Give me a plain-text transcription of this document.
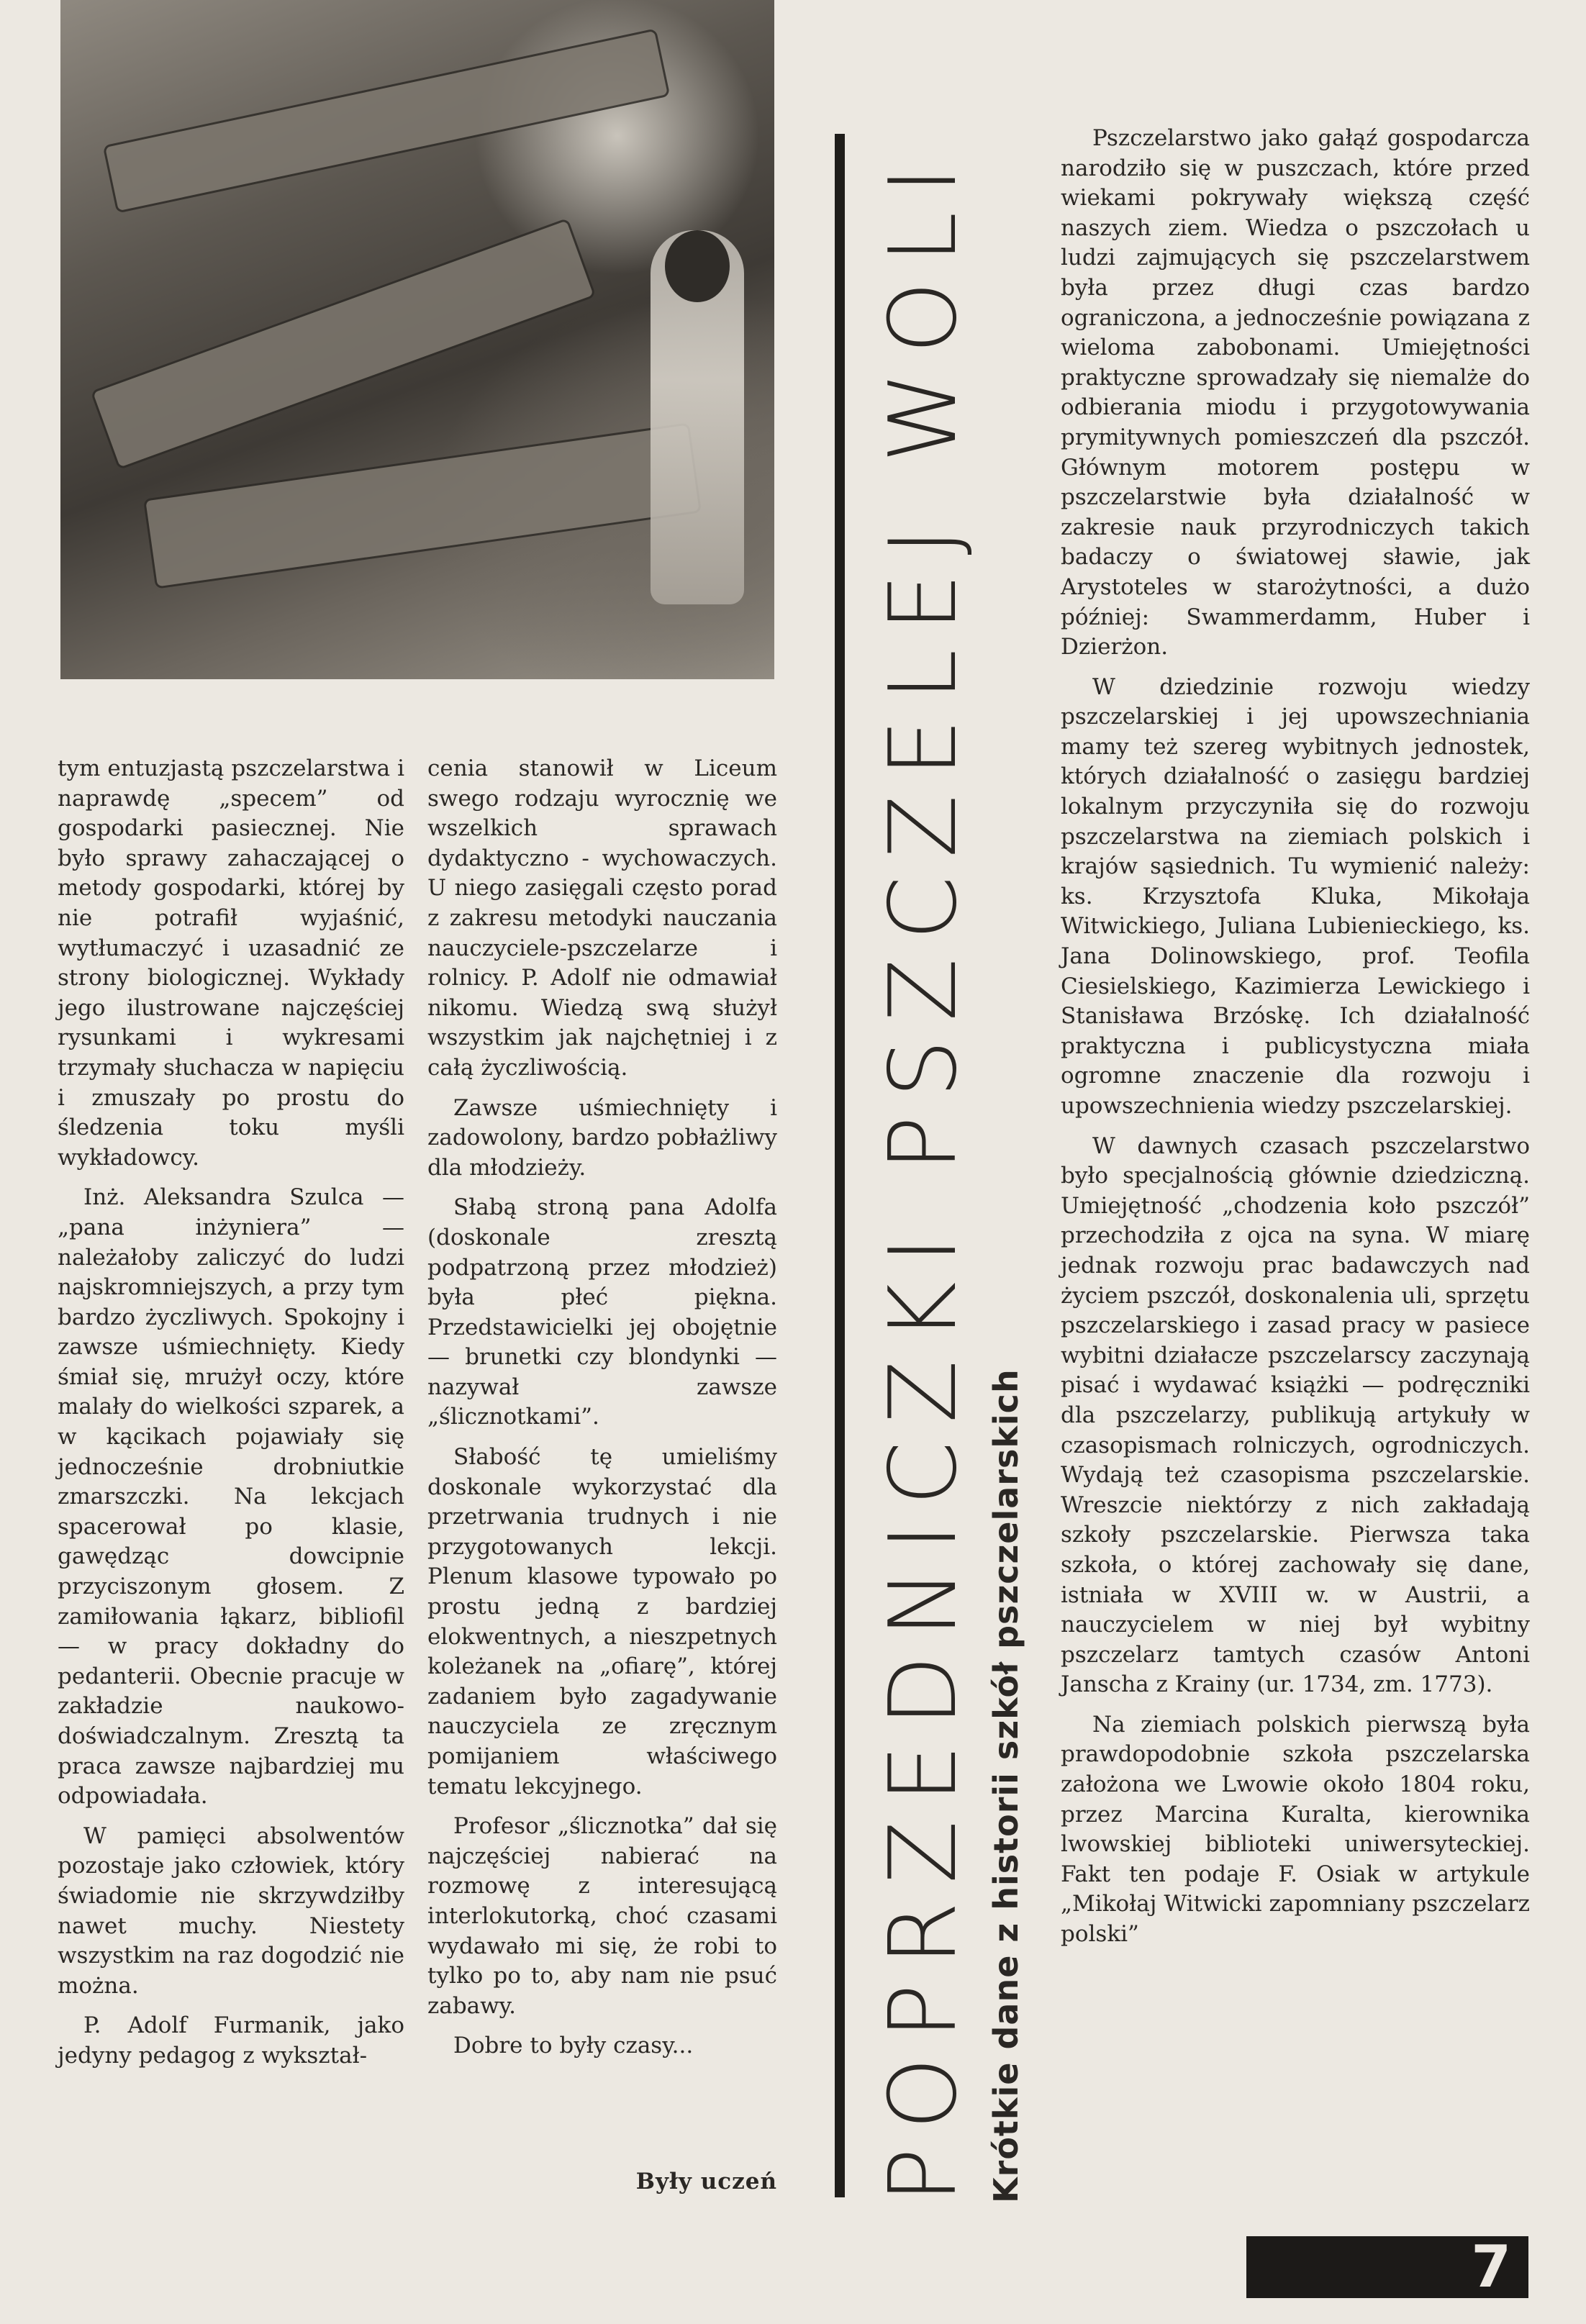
tym entuzjastą pszczelarstwa i naprawdę „specem” od gospodarki pasiecznej. Nie było sprawy zahaczającej o metody gospodarki, której by nie potrafił wyjaśnić, wytłumaczyć i uzasadnić ze strony biologicznej. Wykłady jego ilustrowane najczęściej rysunkami i wykresami trzymały słuchacza w napięciu i zmuszały po prostu do śledzenia toku myśli wykładowcy.

Inż. Aleksandra Szulca — „pana inżyniera” — należałoby zaliczyć do ludzi najskromniejszych, a przy tym bardzo życzliwych. Spokojny i zawsze uśmiechnięty. Kiedy śmiał się, mrużył oczy, które malały do wielkości szparek, a w kącikach pojawiały się jednocześnie drobniutkie zmarszczki. Na lekcjach spacerował po klasie, gawędząc dowcipnie przyciszonym głosem. Z zamiłowania łąkarz, bibliofil — w pracy dokładny do pedanterii. Obecnie pracuje w zakładzie naukowo-doświadczalnym. Zresztą ta praca zawsze najbardziej mu odpowiadała.

W pamięci absolwentów pozostaje jako człowiek, który świadomie nie skrzywdziłby nawet muchy. Niestety wszystkim na raz dogodzić nie można.

P. Adolf Furmanik, jako jedyny pedagog z wykształ-

cenia stanowił w Liceum swego rodzaju wyrocznię we wszelkich sprawach dydaktyczno - wychowaczych. U niego zasięgali często porad z zakresu metodyki nauczania nauczyciele-pszczelarze i rolnicy. P. Adolf nie odmawiał nikomu. Wiedzą swą służył wszystkim jak najchętniej i z całą życzliwością.

Zawsze uśmiechnięty i zadowolony, bardzo pobłażliwy dla młodzieży.

Słabą stroną pana Adolfa (doskonale zresztą podpatrzoną przez młodzież) była płeć piękna. Przedstawicielki jej obojętnie — brunetki czy blondynki — nazywał zawsze „ślicznotkami”.

Słabość tę umieliśmy doskonale wykorzystać dla przetrwania trudnych i nie przygotowanych lekcji. Plenum klasowe typowało po prostu jedną z bardziej elokwentnych, a nieszpetnych koleżanek na „ofiarę”, której zadaniem było zagadywanie nauczyciela ze zręcznym pomijaniem właściwego tematu lekcyjnego.

Profesor „ślicznotka” dał się najczęściej nabierać na rozmowę z interesującą interlokutorką, choć czasami wydawało mi się, że robi to tylko po to, aby nam nie psuć zabawy.

Dobre to były czasy...

Były uczeń POPRZEDNICZKI PSZCZELEJ WOLI Krótkie dane z historii szkół pszczelarskich

Pszczelarstwo jako gałąź gospodarcza narodziło się w puszczach, które przed wiekami pokrywały większą część naszych ziem. Wiedza o pszczołach u ludzi zajmujących się pszczelarstwem była przez długi czas bardzo ograniczona, a jednocześnie powiązana z wieloma zabobonami. Umiejętności praktyczne sprowadzały się niemalże do odbierania miodu i przygotowywania prymitywnych pomieszczeń dla pszczół. Głównym motorem postępu w pszczelarstwie była działalność w zakresie nauk przyrodniczych takich badaczy o światowej sławie, jak Arystoteles w starożytności, a dużo później: Swammerdamm, Huber i Dzierżon.

W dziedzinie rozwoju wiedzy pszczelarskiej i jej upowszechniania mamy też szereg wybitnych jednostek, których działalność o zasięgu bardziej lokalnym przyczyniła się do rozwoju pszczelarstwa na ziemiach polskich i krajów sąsiednich. Tu wymienić należy: ks. Krzysztofa Kluka, Mikołaja Witwickiego, Juliana Lubienieckiego, ks. Jana Dolinowskiego, prof. Teofila Ciesielskiego, Kazimierza Lewickiego i Stanisława Brzóskę. Ich działalność praktyczna i publicystyczna miała ogromne znaczenie dla rozwoju i upowszechnienia wiedzy pszczelarskiej.

W dawnych czasach pszczelarstwo było specjalnością głównie dziedziczną. Umiejętność „chodzenia koło pszczół” przechodziła z ojca na syna. W miarę jednak rozwoju prac badawczych nad życiem pszczół, doskonalenia uli, sprzętu pszczelarskiego i zasad pracy w pasiece wybitni działacze pszczelarscy zaczynają pisać i wydawać książki — podręczniki dla pszczelarzy, publikują artykuły w czasopismach rolniczych, ogrodniczych. Wydają też czasopisma pszczelarskie. Wreszcie niektórzy z nich zakładają szkoły pszczelarskie. Pierwsza taka szkoła, o której zachowały się dane, istniała w XVIII w. w Austrii, a nauczycielem w niej był wybitny pszczelarz tamtych czasów Antoni Janscha z Krainy (ur. 1734, zm. 1773).

Na ziemiach polskich pierwszą była prawdopodobnie szkoła pszczelarska założona we Lwowie około 1804 roku, przez Marcina Kuralta, kierownika lwowskiej biblioteki uniwersyteckiej. Fakt ten podaje F. Osiak w artykule „Mikołaj Witwicki zapomniany pszczelarz polski”

7
